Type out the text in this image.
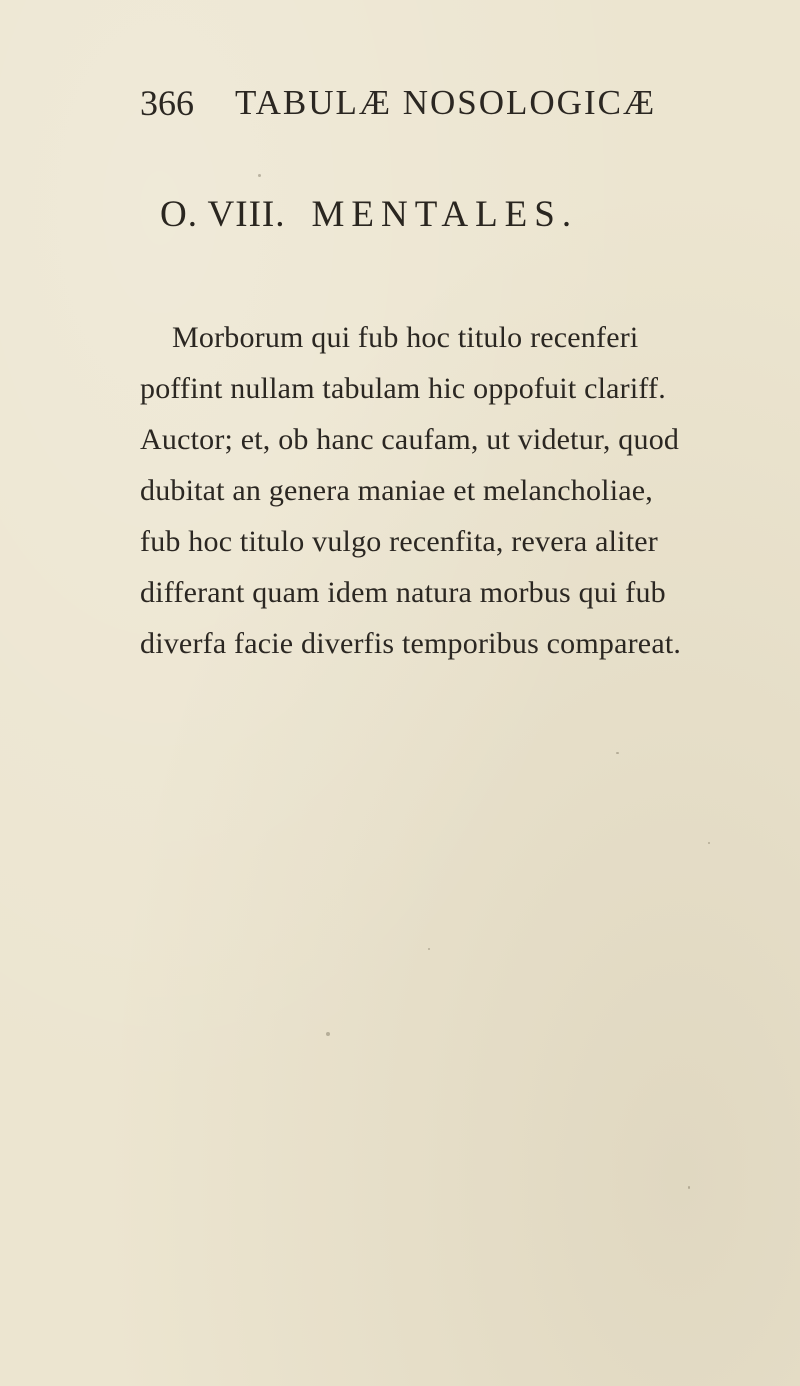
366 TABULÆ NOSOLOGICÆ
O. VIII. MENTALES.
Morborum qui fub hoc titulo recenferi
poffint nullam tabulam hic oppofuit clariff.
Auctor; et, ob hanc caufam, ut videtur, quod
dubitat an genera maniae et melancholiae,
fub hoc titulo vulgo recenfita, revera aliter
differant quam idem natura morbus qui fub
diverfa facie diverfis temporibus compareat.
